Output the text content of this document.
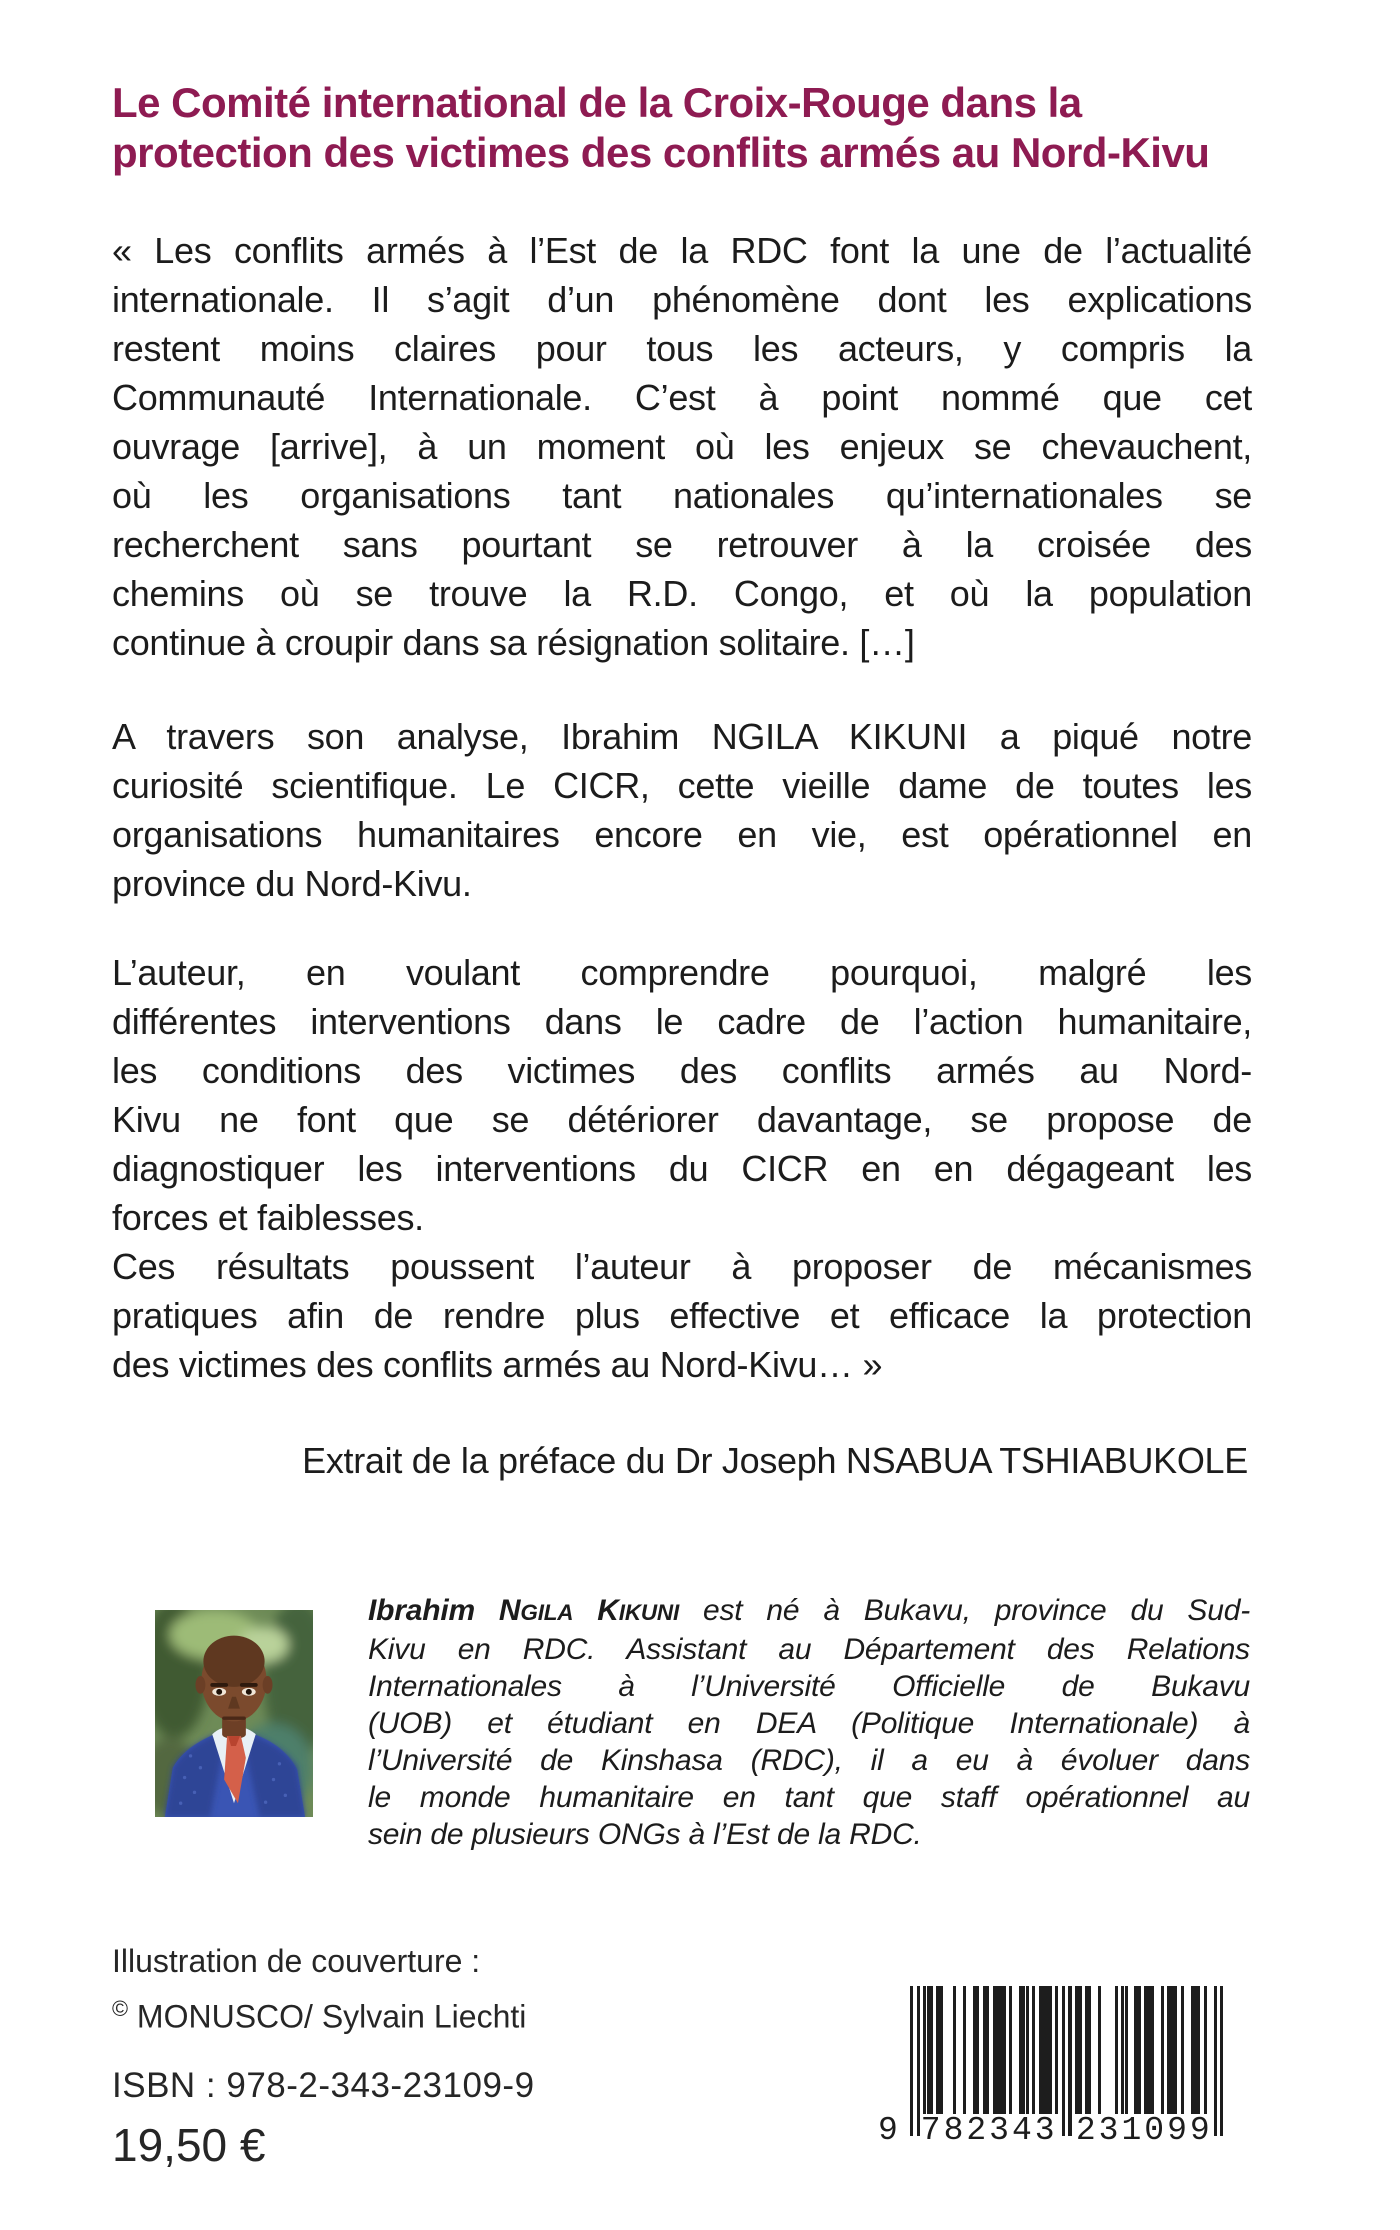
Le Comité international de la Croix-Rouge dans la
protection des victimes des conflits armés au Nord-Kivu
« Les conflits armés à l’Est de la RDC font la une de l’actualité
internationale. Il s’agit d’un phénomène dont les explications
restent moins claires pour tous les acteurs, y compris la
Communauté Internationale. C’est à point nommé que cet
ouvrage [arrive], à un moment où les enjeux se chevauchent,
où les organisations tant nationales qu’internationales se
recherchent sans pourtant se retrouver à la croisée des
chemins où se trouve la R.D. Congo, et où la population
continue à croupir dans sa résignation solitaire. […]
A travers son analyse, Ibrahim NGILA KIKUNI a piqué notre
curiosité scientifique. Le CICR, cette vieille dame de toutes les
organisations humanitaires encore en vie, est opérationnel en
province du Nord-Kivu.
L’auteur, en voulant comprendre pourquoi, malgré les
différentes interventions dans le cadre de l’action humanitaire,
les conditions des victimes des conflits armés au Nord-
Kivu ne font que se détériorer davantage, se propose de
diagnostiquer les interventions du CICR en en dégageant les
forces et faiblesses.
Ces résultats poussent l’auteur à proposer de mécanismes
pratiques afin de rendre plus effective et efficace la protection
des victimes des conflits armés au Nord-Kivu… »
Extrait de la préface du Dr Joseph NSABUA TSHIABUKOLE
Ibrahim NGILA KIKUNI est né à Bukavu, province du Sud-
Kivu en RDC. Assistant au Département des Relations
Internationales à l’Université Officielle de Bukavu
(UOB) et étudiant en DEA (Politique Internationale) à
l’Université de Kinshasa (RDC), il a eu à évoluer dans
le monde humanitaire en tant que staff opérationnel au
sein de plusieurs ONGs à l’Est de la RDC.
Illustration de couverture :
© MONUSCO/ Sylvain Liechti
ISBN : 978-2-343-23109-9
19,50 €	9 782343 231099
